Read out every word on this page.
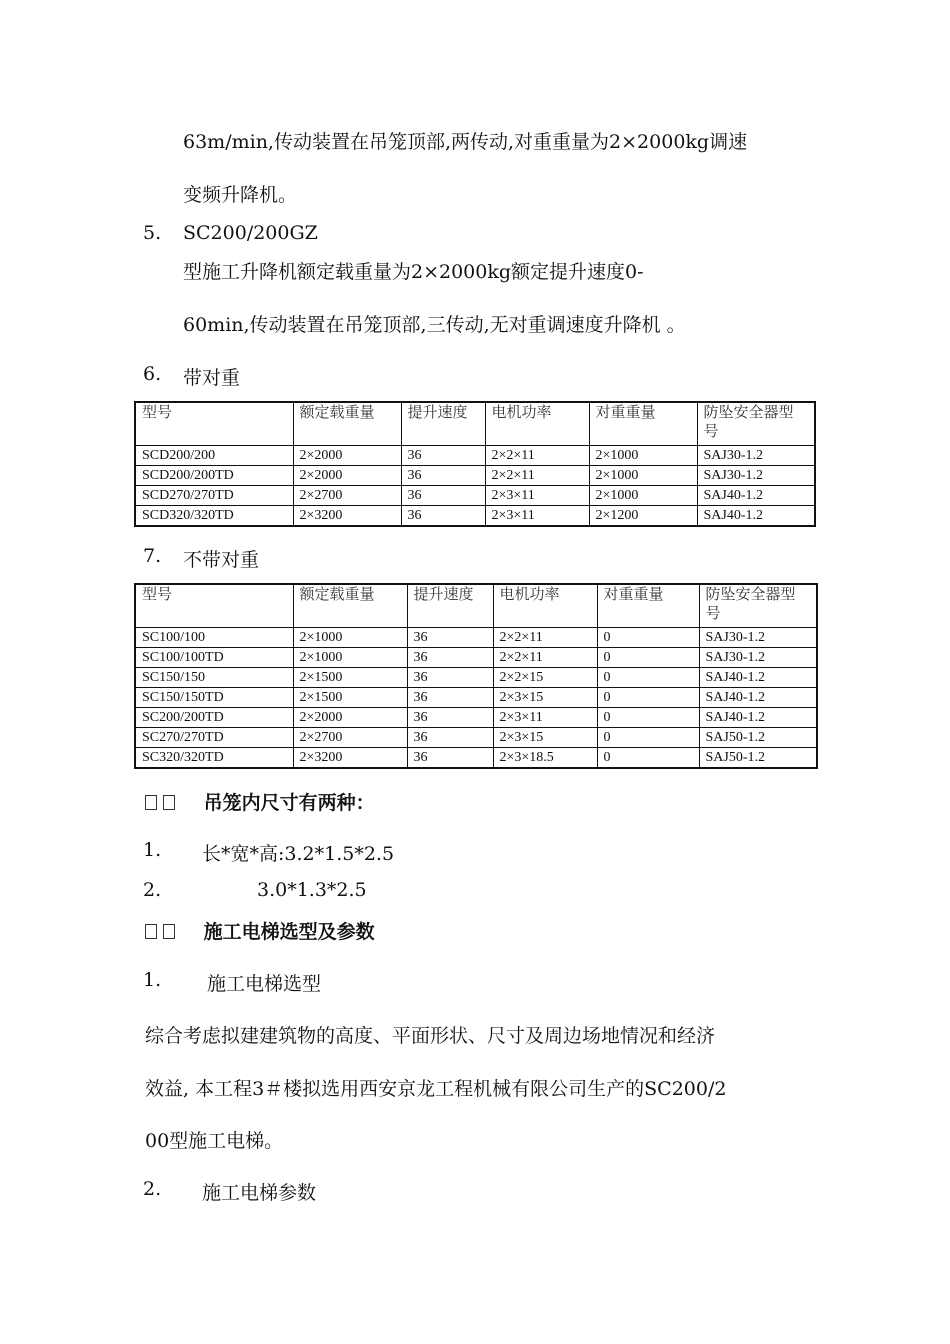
63m/min,传动装置在吊笼顶部,两传动,对重重量为2×2000kg调速
变频升降机。
5. SC200/200GZ
型施工升降机额定载重量为2×2000kg额定提升速度0-
60min,传动装置在吊笼顶部,三传动,无对重调速度升降机 。
6. 带对重
型号	额定载重量	提升速度	电机功率	对重重量	防坠安全器型号
SCD200/200	2×2000	36	2×2×11	2×1000	SAJ30-1.2
SCD200/200TD	2×2000	36	2×2×11	2×1000	SAJ30-1.2
SCD270/270TD	2×2700	36	2×3×11	2×1000	SAJ40-1.2
SCD320/320TD	2×3200	36	2×3×11	2×1200	SAJ40-1.2
7. 不带对重
型号	额定载重量	提升速度	电机功率	对重重量	防坠安全器型号
SC100/100	2×1000	36	2×2×11	0	SAJ30-1.2
SC100/100TD	2×1000	36	2×2×11	0	SAJ30-1.2
SC150/150	2×1500	36	2×2×15	0	SAJ40-1.2
SC150/150TD	2×1500	36	2×3×15	0	SAJ40-1.2
SC200/200TD	2×2000	36	2×3×11	0	SAJ40-1.2
SC270/270TD	2×2700	36	2×3×15	0	SAJ50-1.2
SC320/320TD	2×3200	36	2×3×18.5	0	SAJ50-1.2
吊笼内尺寸有两种：
1. 长*宽*高:3.2*1.5*2.5
2.	3.0*1.3*2.5
施工电梯选型及参数
1. 施工电梯选型
综合考虑拟建建筑物的高度、平面形状、尺寸及周边场地情况和经济
效益, 本工程3＃楼拟选用西安京龙工程机械有限公司生产的SC200/2
00型施工电梯。
2. 施工电梯参数
